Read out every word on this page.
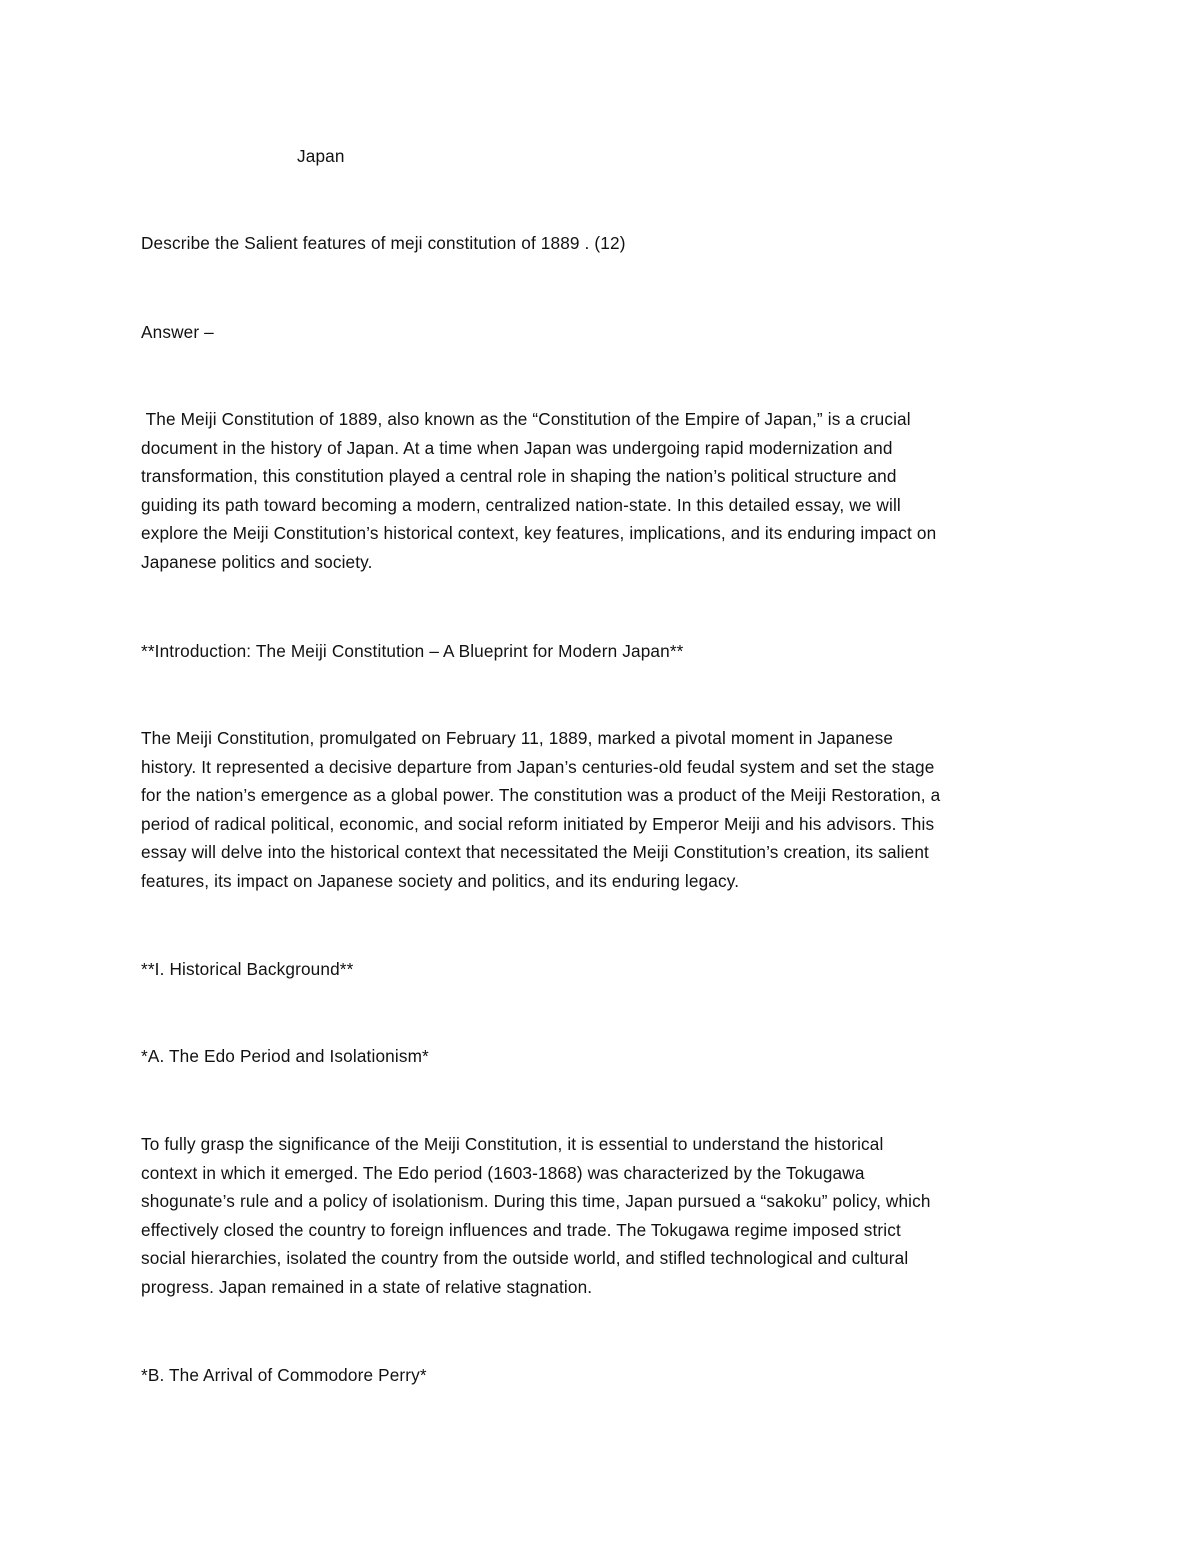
Japan
Describe the Salient features of meji constitution of 1889 . (12)
Answer –
The Meiji Constitution of 1889, also known as the “Constitution of the Empire of Japan,” is a crucial
document in the history of Japan. At a time when Japan was undergoing rapid modernization and
transformation, this constitution played a central role in shaping the nation’s political structure and
guiding its path toward becoming a modern, centralized nation-state. In this detailed essay, we will
explore the Meiji Constitution’s historical context, key features, implications, and its enduring impact on
Japanese politics and society.
**Introduction: The Meiji Constitution – A Blueprint for Modern Japan**
The Meiji Constitution, promulgated on February 11, 1889, marked a pivotal moment in Japanese
history. It represented a decisive departure from Japan’s centuries-old feudal system and set the stage
for the nation’s emergence as a global power. The constitution was a product of the Meiji Restoration, a
period of radical political, economic, and social reform initiated by Emperor Meiji and his advisors. This
essay will delve into the historical context that necessitated the Meiji Constitution’s creation, its salient
features, its impact on Japanese society and politics, and its enduring legacy.
**I. Historical Background**
*A. The Edo Period and Isolationism*
To fully grasp the significance of the Meiji Constitution, it is essential to understand the historical
context in which it emerged. The Edo period (1603-1868) was characterized by the Tokugawa
shogunate’s rule and a policy of isolationism. During this time, Japan pursued a “sakoku” policy, which
effectively closed the country to foreign influences and trade. The Tokugawa regime imposed strict
social hierarchies, isolated the country from the outside world, and stifled technological and cultural
progress. Japan remained in a state of relative stagnation.
*B. The Arrival of Commodore Perry*
